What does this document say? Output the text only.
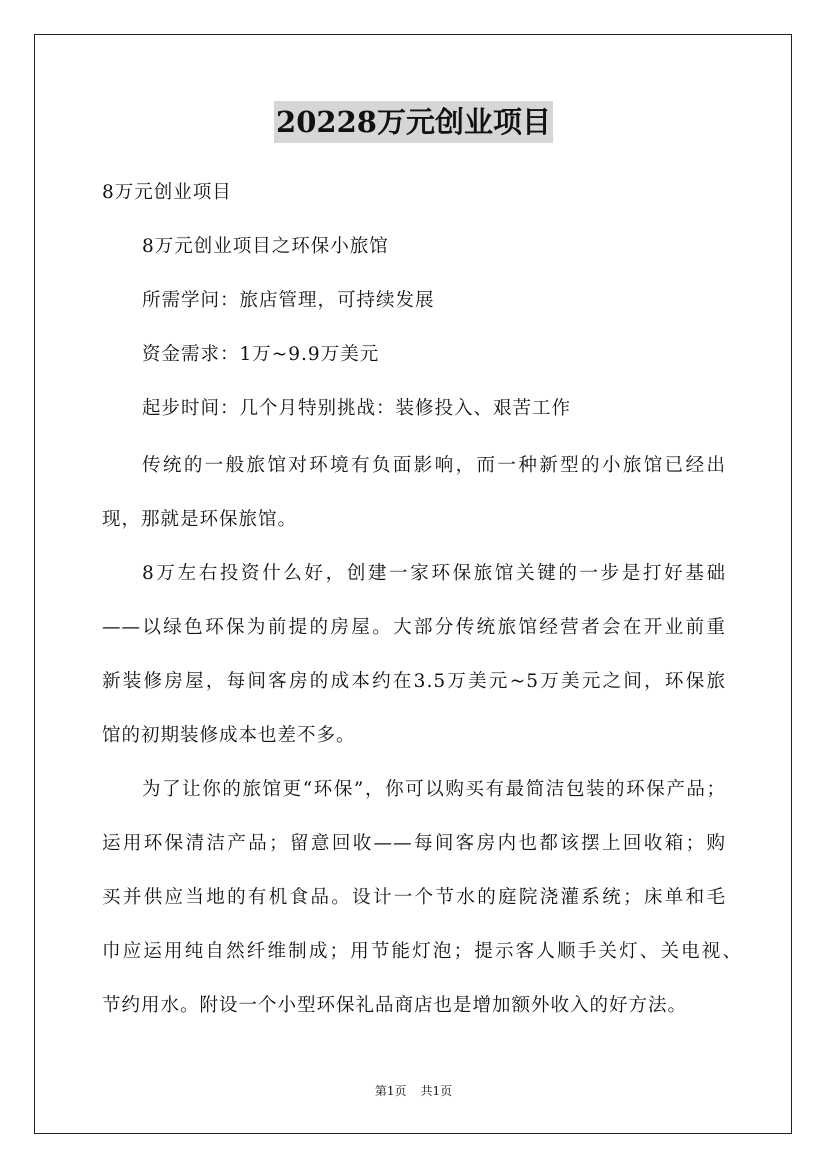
20228万元创业项目

8万元创业项目

8万元创业项目之环保小旅馆

所需学问：旅店管理，可持续发展

资金需求：1万~9.9万美元

起步时间：几个月特别挑战：装修投入、艰苦工作

传统的一般旅馆对环境有负面影响，而一种新型的小旅馆已经出

现，那就是环保旅馆。

8万左右投资什么好，创建一家环保旅馆关键的一步是打好基础

——以绿色环保为前提的房屋。大部分传统旅馆经营者会在开业前重

新装修房屋，每间客房的成本约在3.5万美元~5万美元之间，环保旅

馆的初期装修成本也差不多。

为了让你的旅馆更“环保”，你可以购买有最简洁包装的环保产品；

运用环保清洁产品；留意回收——每间客房内也都该摆上回收箱；购

买并供应当地的有机食品。设计一个节水的庭院浇灌系统；床单和毛

巾应运用纯自然纤维制成；用节能灯泡；提示客人顺手关灯、关电视、

节约用水。附设一个小型环保礼品商店也是增加额外收入的好方法。

第1页 共1页
